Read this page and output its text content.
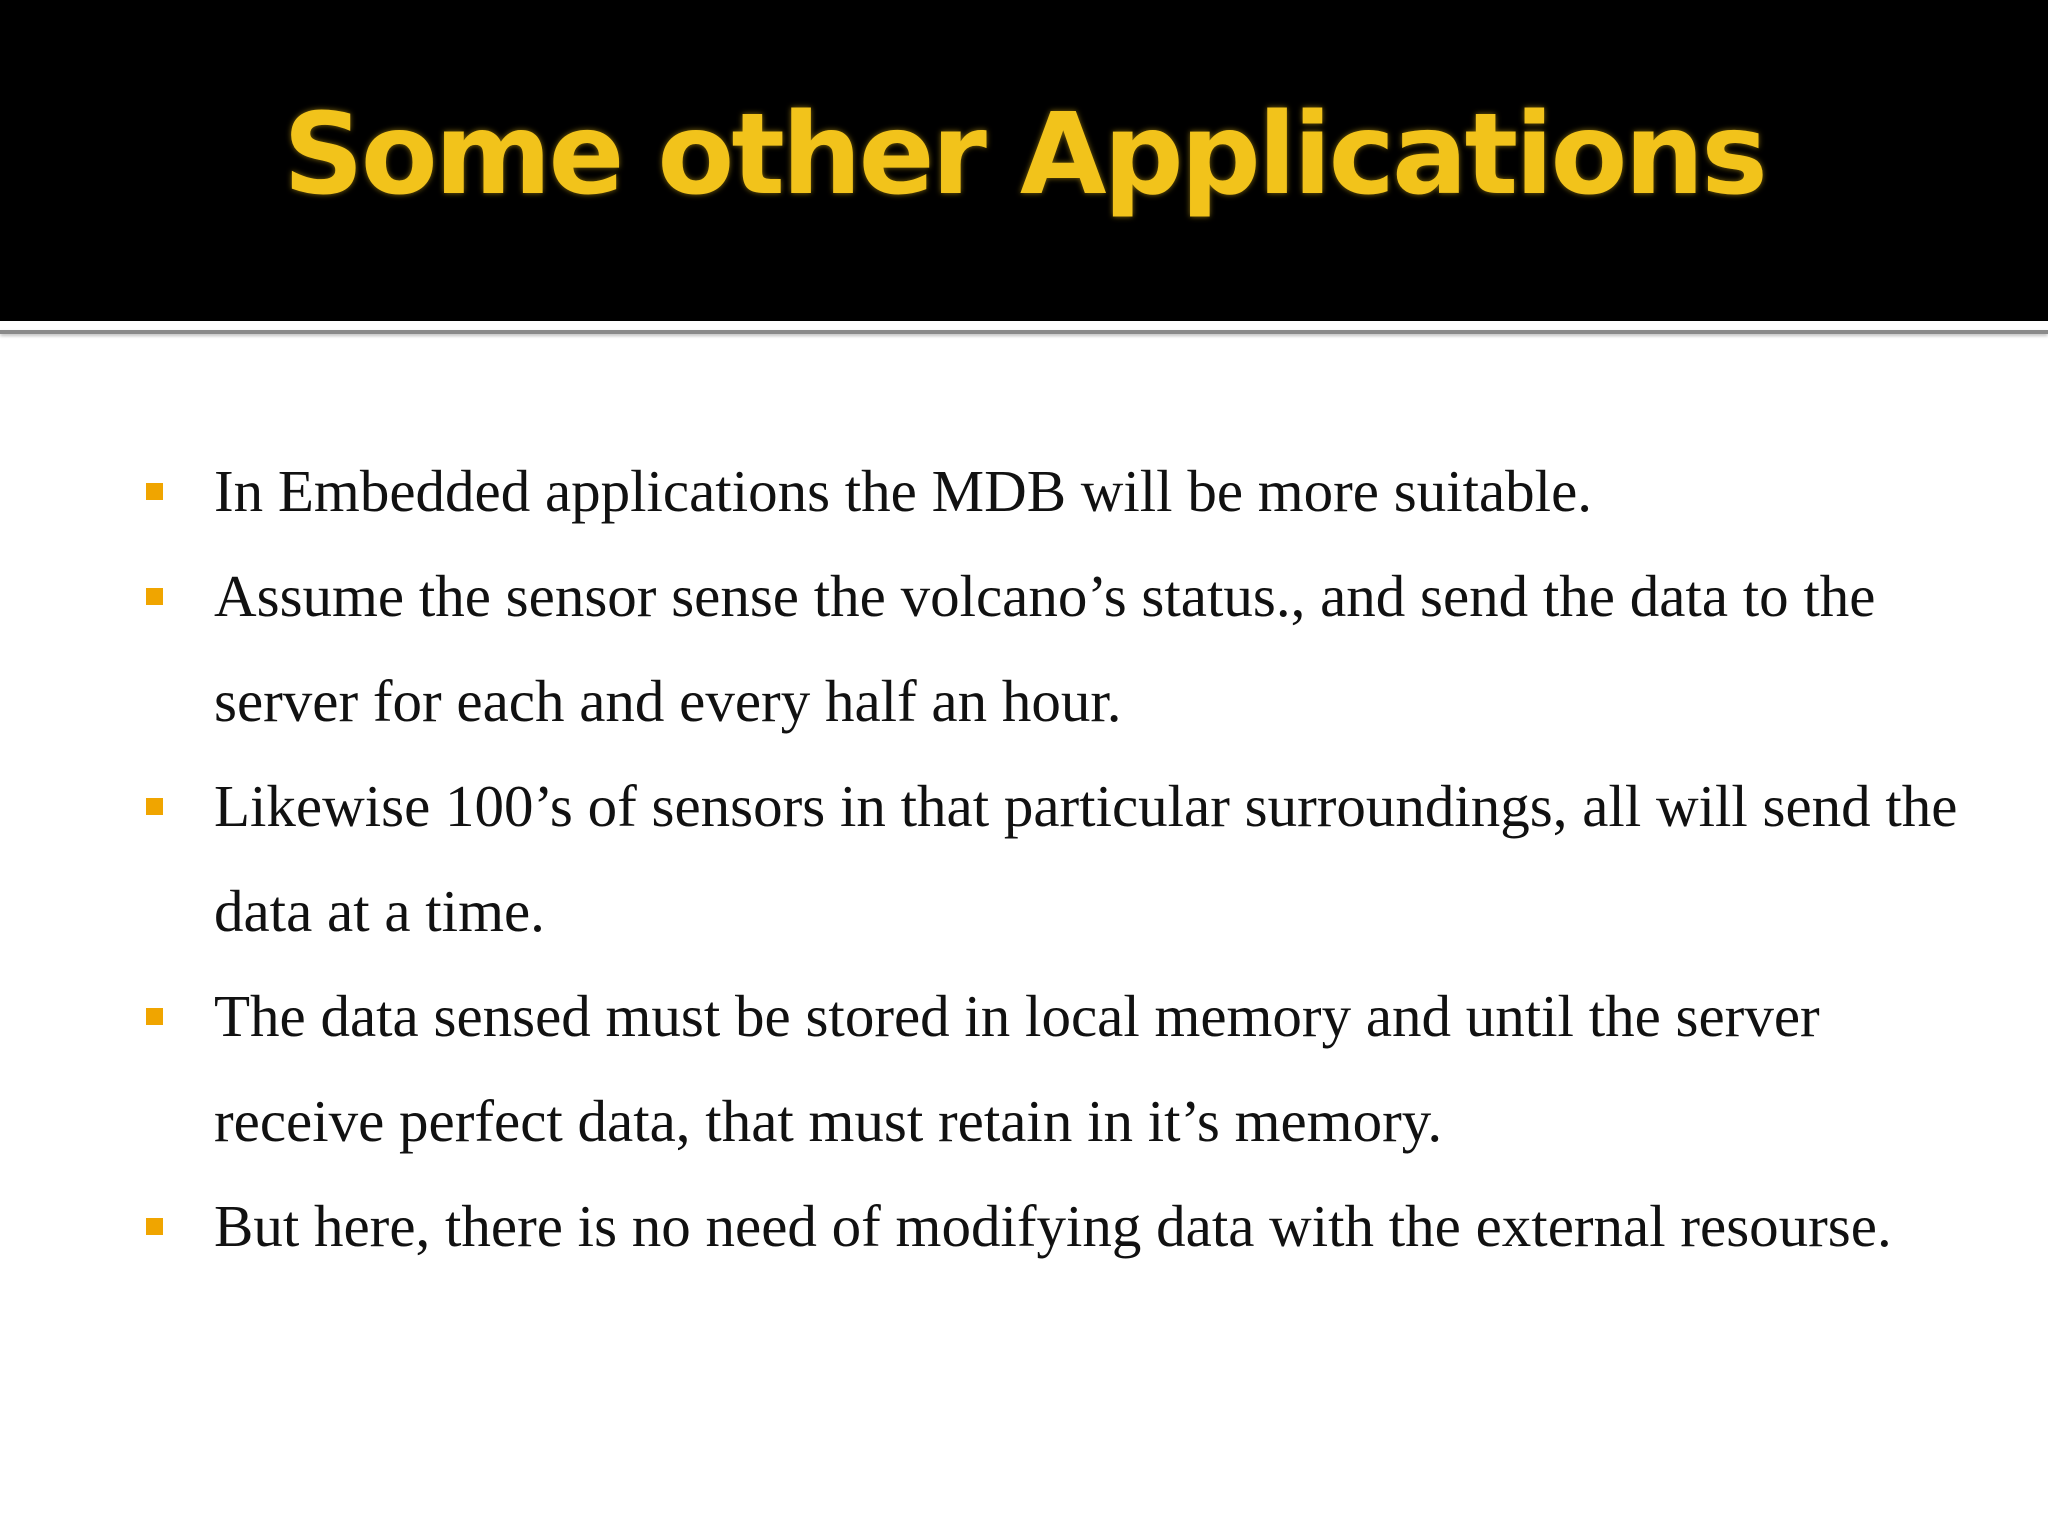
Some other Applications
In Embedded applications the MDB will be more suitable.
Assume the sensor sense the volcano’s status., and send the data to the server for each and every half an hour.
Likewise 100’s of sensors in that particular surroundings, all will send the data at a time.
The data sensed must be stored in local memory and until the server receive perfect data, that must retain in it’s memory.
But here, there is no need of modifying data with the external resourse.
